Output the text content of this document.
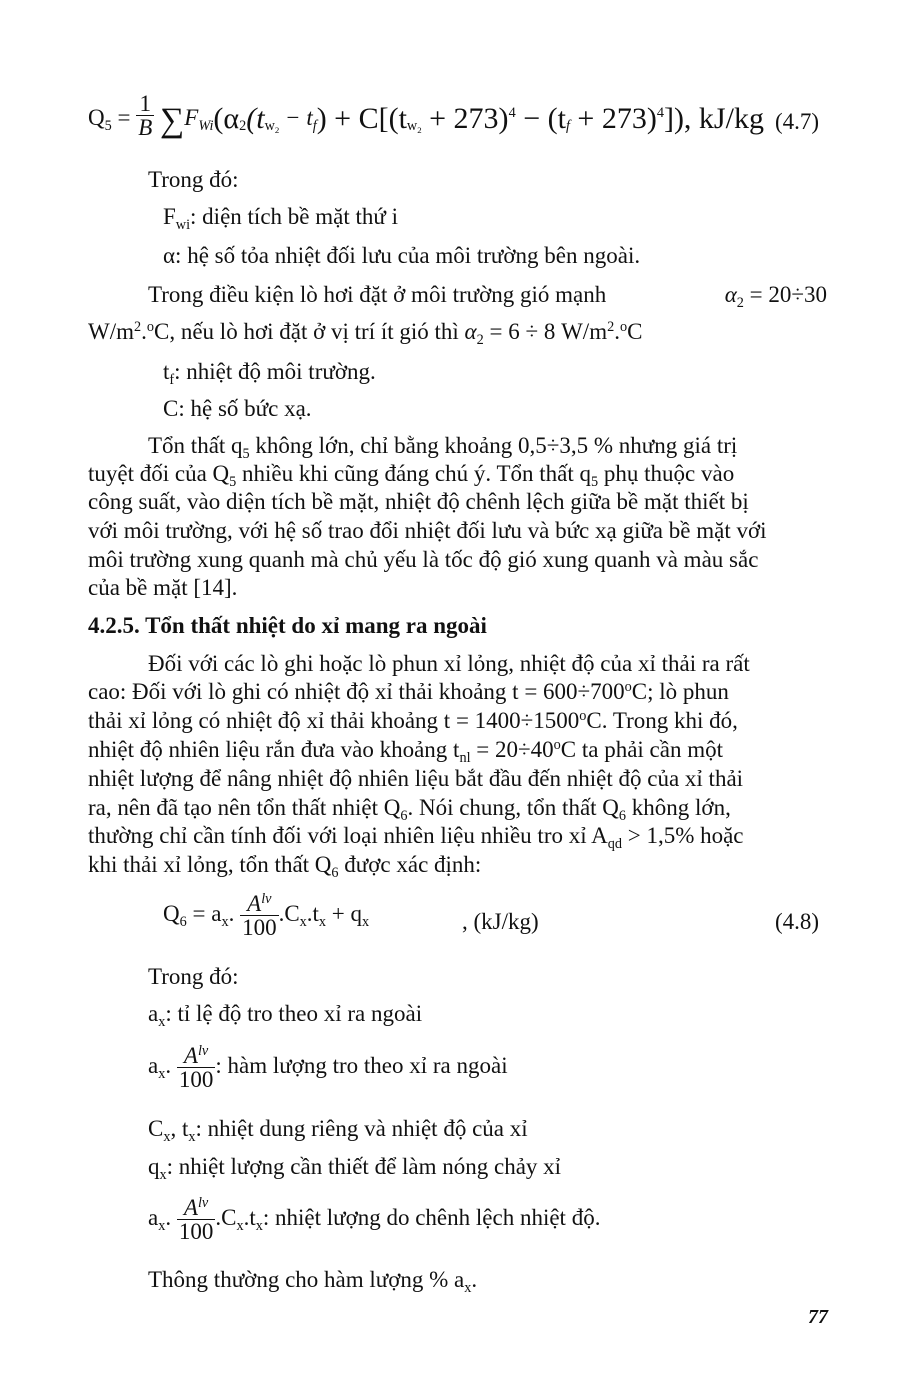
$Q_5 = \frac{1}{B} \sum F_{Wi}(\alpha_2(t_{w_2} - t_f) + C[(t_{w_2} + 273)^4 - (t_f + 273)^4])$, kJ/kg (4.7)
Trong đó:
$F_{wi}$: diện tích bề mặt thứ i
α: hệ số tỏa nhiệt đối lưu của môi trường bên ngoài.
Trong điều kiện lò hơi đặt ở môi trường gió mạnh	$\alpha_2 = 20\div 30$
$W/m^2.^oC$, nếu lò hơi đặt ở vị trí ít gió thì $\alpha_2 = 6 \div 8$ $W/m^2.^oC$
$t_f$: nhiệt độ môi trường.
C: hệ số bức xạ.
Tổn thất $q_5$ không lớn, chỉ bằng khoảng 0,5÷3,5 % nhưng giá trị
tuyệt đối của $Q_5$ nhiều khi cũng đáng chú ý. Tổn thất $q_5$ phụ thuộc vào
công suất, vào diện tích bề mặt, nhiệt độ chênh lệch giữa bề mặt thiết bị
với môi trường, với hệ số trao đổi nhiệt đối lưu và bức xạ giữa bề mặt với
môi trường xung quanh mà chủ yếu là tốc độ gió xung quanh và màu sắc
của bề mặt [14].
4.2.5. Tổn thất nhiệt do xỉ mang ra ngoài
Đối với các lò ghi hoặc lò phun xỉ lỏng, nhiệt độ của xỉ thải ra rất
cao: Đối với lò ghi có nhiệt độ xỉ thải khoảng $t = 600\div 700^oC$; lò phun
thải xỉ lỏng có nhiệt độ xỉ thải khoảng $t = 1400\div 1500^oC$. Trong khi đó,
nhiệt độ nhiên liệu rắn đưa vào khoảng $t_{nl} = 20\div 40^oC$ ta phải cần một
nhiệt lượng để nâng nhiệt độ nhiên liệu bắt đầu đến nhiệt độ của xỉ thải
ra, nên đã tạo nên tổn thất nhiệt $Q_6$. Nói chung, tổn thất $Q_6$ không lớn,
thường chỉ cần tính đối với loại nhiên liệu nhiều tro xỉ $A_{qd} > 1,5\%$ hoặc
khi thải xỉ lỏng, tổn thất $Q_6$ được xác định:
$Q_6 = a_x$. $\frac{A^{lv}}{100} .C_x.t_x + q_x$	, (kJ/kg)	(4.8)
Trong đó:
$a_x$: tỉ lệ độ tro theo xỉ ra ngoài
$a_x$. $\frac{A^{lv}}{100}$ : hàm lượng tro theo xỉ ra ngoài
$C_x$, $t_x$: nhiệt dung riêng và nhiệt độ của xỉ
$q_x$: nhiệt lượng cần thiết để làm nóng chảy xỉ
$a_x$. $\frac{A^{lv}}{100} .C_x.t_x$: nhiệt lượng do chênh lệch nhiệt độ.
Thông thường cho hàm lượng % $a_x$.
77
